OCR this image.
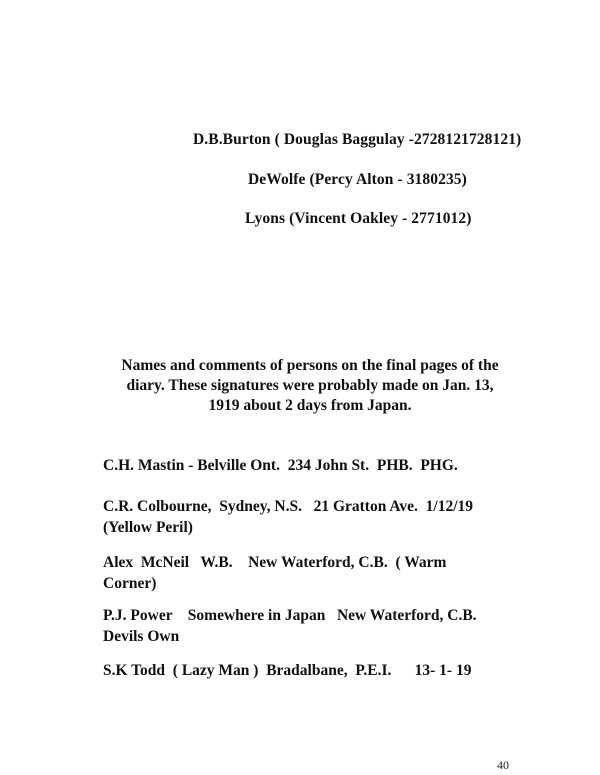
D.B.Burton ( Douglas Baggulay -2728121728121)
DeWolfe (Percy Alton - 3180235)
Lyons (Vincent Oakley - 2771012)
Names and comments of persons on the final pages of the
diary. These signatures were probably made on Jan. 13,
1919 about 2 days from Japan.
C.H. Mastin - Belville Ont.  234 John St.  PHB.  PHG.
C.R. Colbourne,  Sydney, N.S.   21 Gratton Ave.  1/12/19
(Yellow Peril)
Alex  McNeil   W.B.    New Waterford, C.B.  ( Warm
Corner)
P.J. Power    Somewhere in Japan   New Waterford, C.B.
Devils Own
S.K Todd  ( Lazy Man )  Bradalbane,  P.E.I.      13- 1- 19
40
